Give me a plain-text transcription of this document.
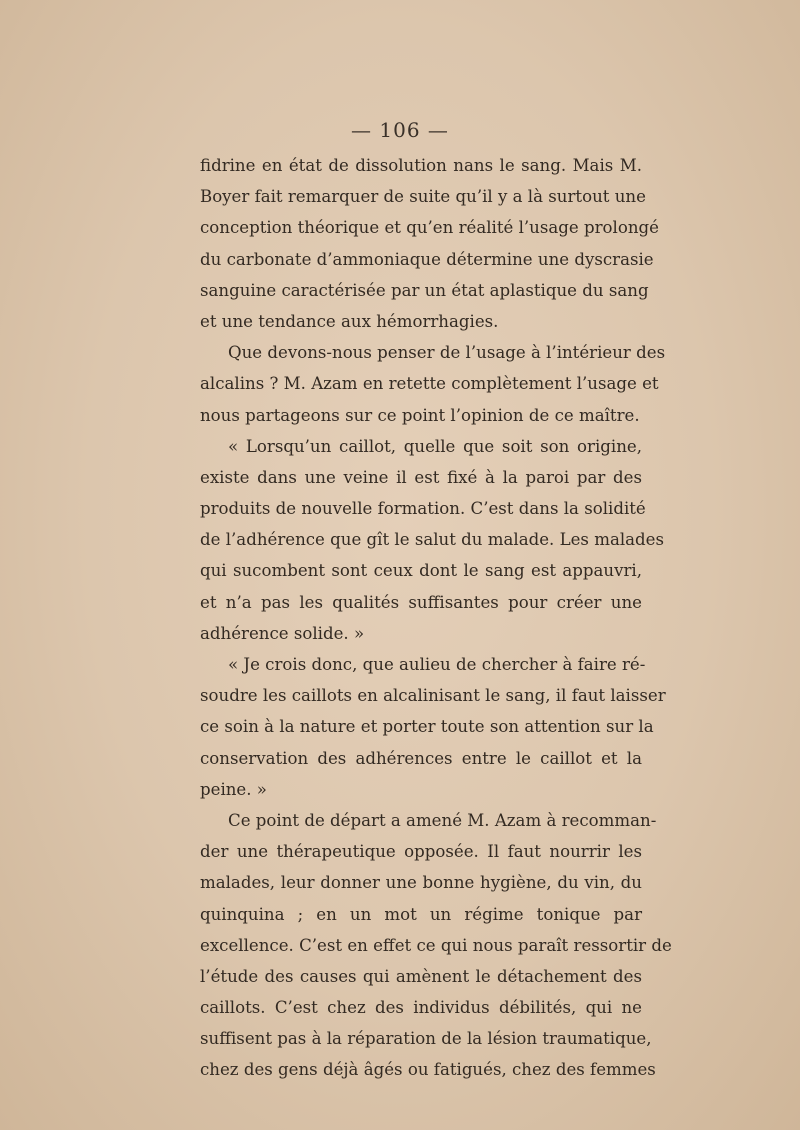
— 106 —
fidrine en état de dissolution nans le sang. Mais M.
Boyer fait remarquer de suite qu’il y a là surtout une
conception théorique et qu’en réalité l’usage prolongé
du carbonate d’ammoniaque détermine une dyscrasie
sanguine caractérisée par un état aplastique du sang
et une tendance aux hémorrhagies.
Que devons-nous penser de l’usage à l’intérieur des
alcalins ? M. Azam en retette complètement l’usage et
nous partageons sur ce point l’opinion de ce maître.
« Lorsqu’un caillot, quelle que soit son origine,
existe dans une veine il est fixé à la paroi par des
produits de nouvelle formation. C’est dans la solidité
de l’adhérence que gît le salut du malade. Les malades
qui sucombent sont ceux dont le sang est appauvri,
et n’a pas les qualités suffisantes pour créer une
adhérence solide. »
« Je crois donc, que aulieu de chercher à faire ré-
soudre les caillots en alcalinisant le sang, il faut laisser
ce soin à la nature et porter toute son attention sur la
conservation des adhérences entre le caillot et la
peine. »
Ce point de départ a amené M. Azam à recomman-
der une thérapeutique opposée. Il faut nourrir les
malades, leur donner une bonne hygiène, du vin, du
quinquina ; en un mot un régime tonique par
excellence. C’est en effet ce qui nous paraît ressortir de
l’étude des causes qui amènent le détachement des
caillots. C’est chez des individus débilités, qui ne
suffisent pas à la réparation de la lésion traumatique,
chez des gens déjà âgés ou fatigués, chez des femmes
